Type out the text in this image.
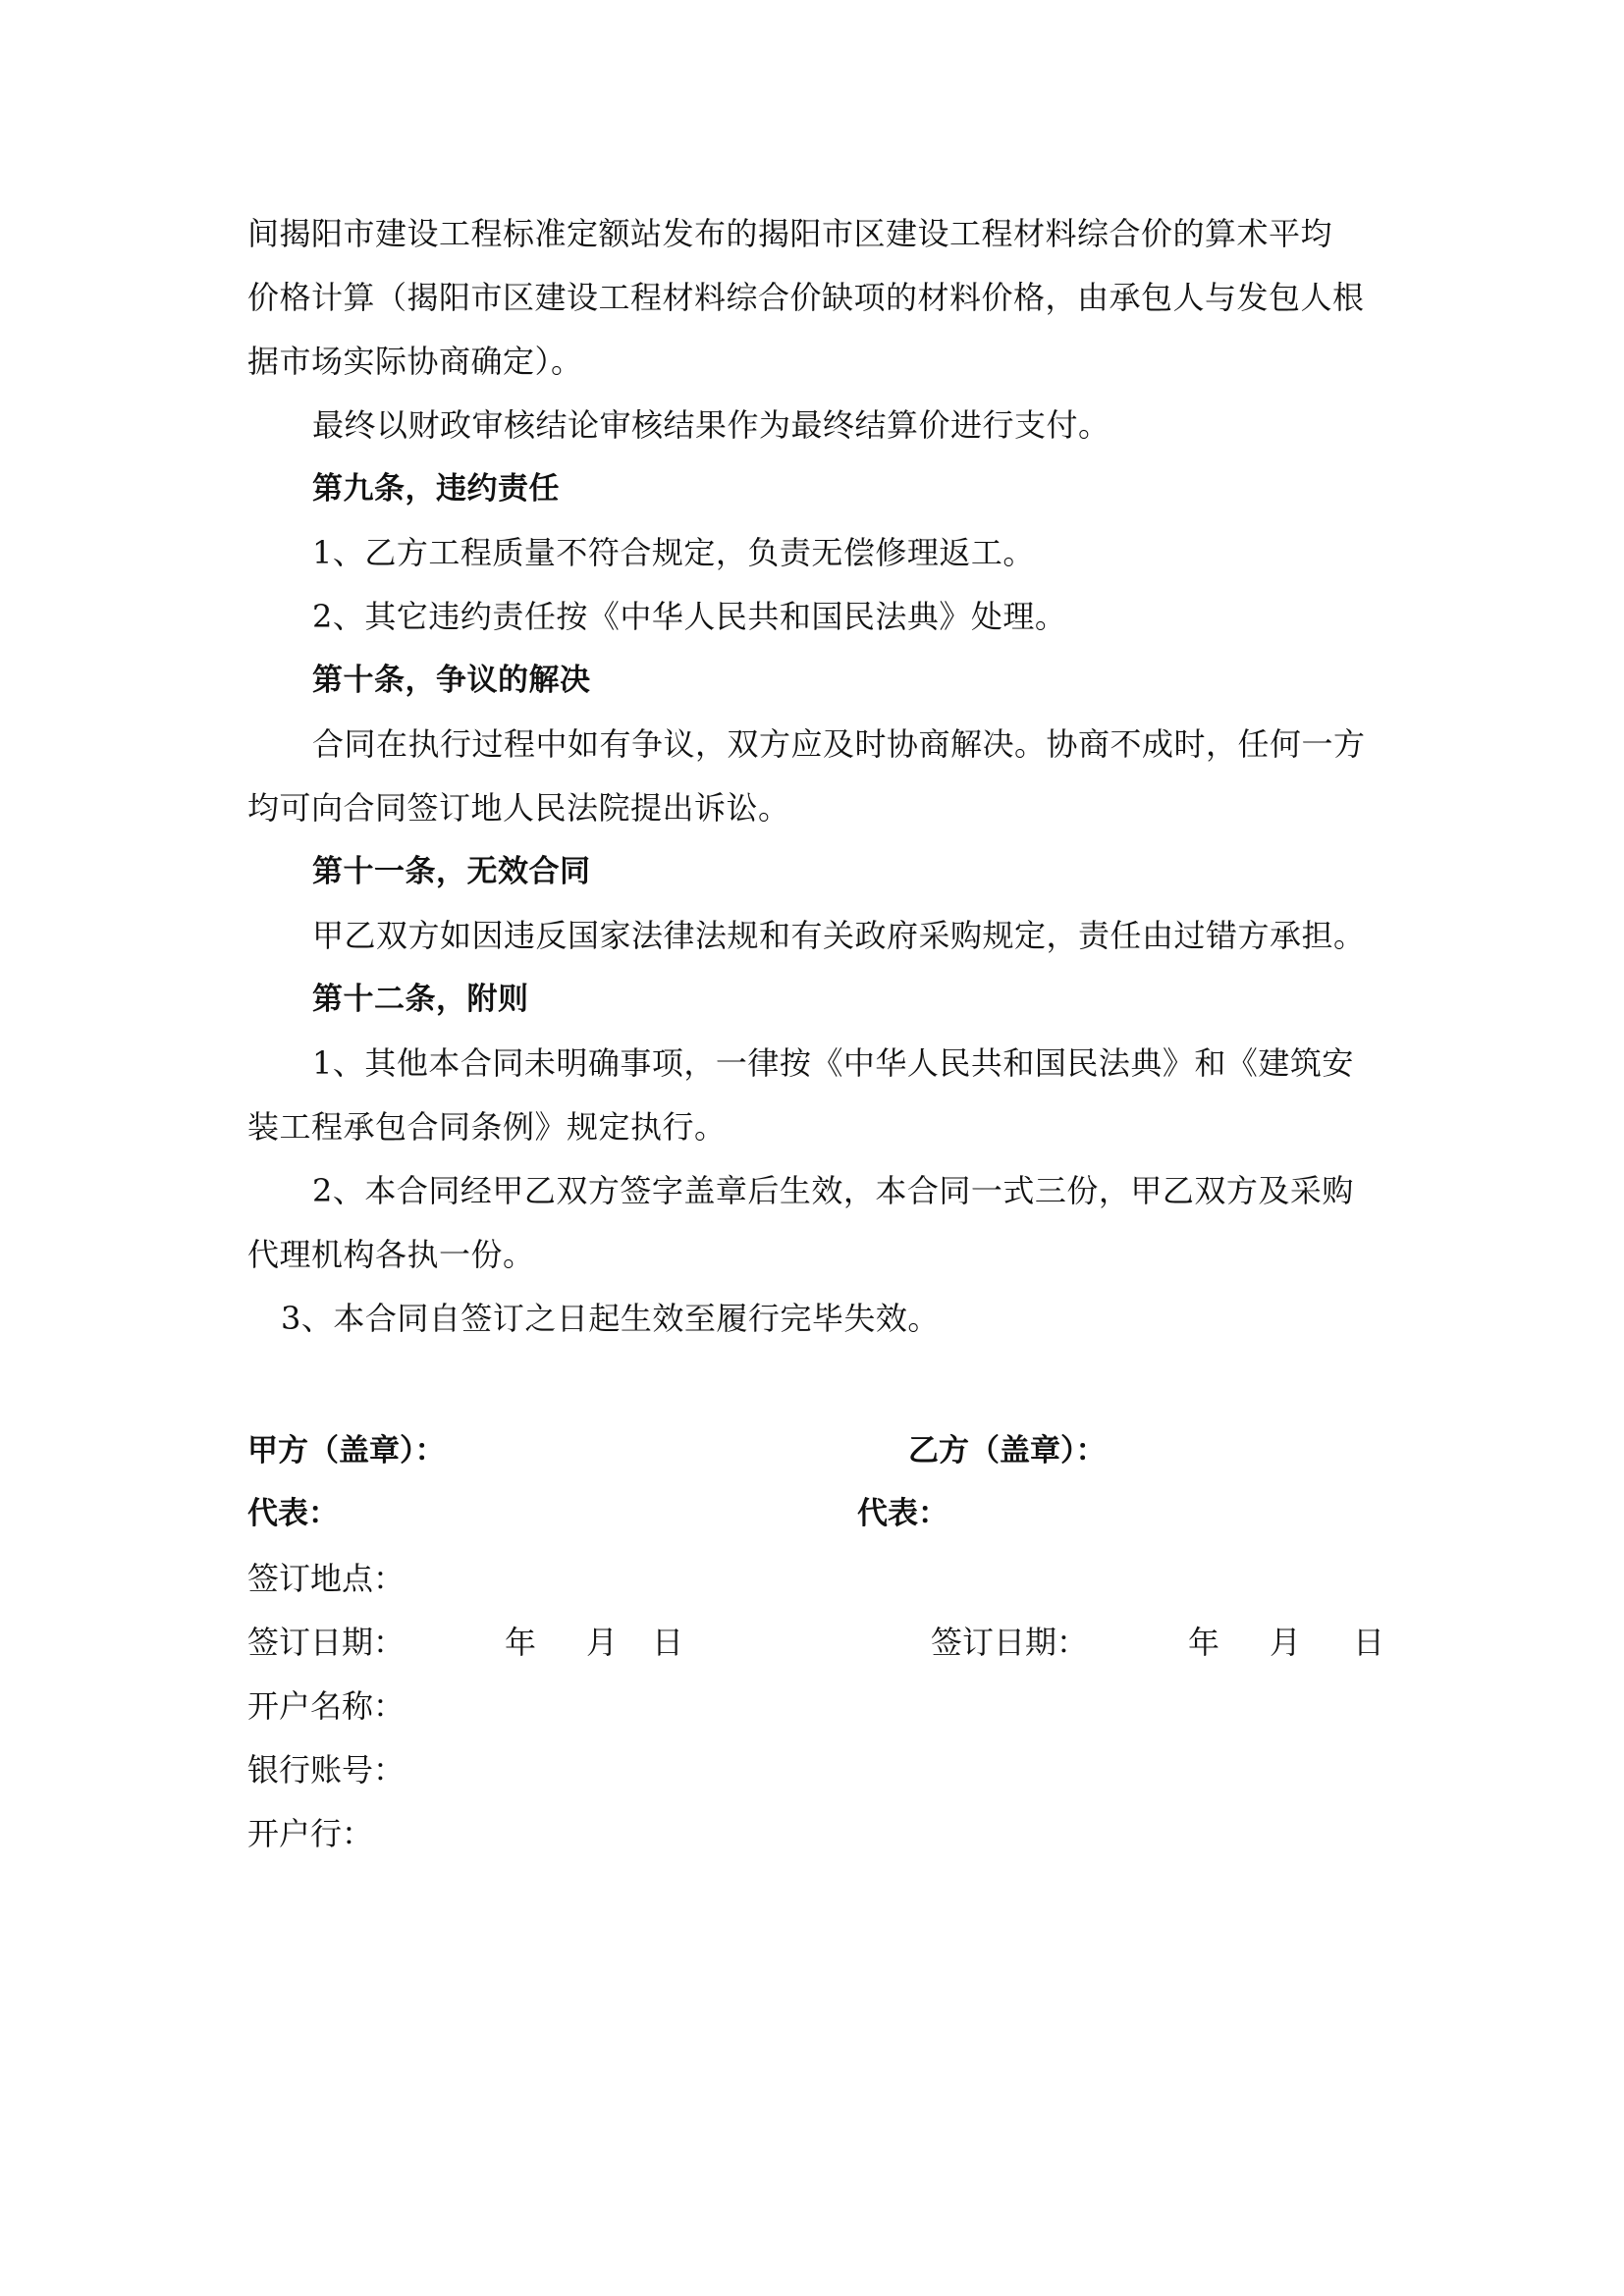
间揭阳市建设工程标准定额站发布的揭阳市区建设工程材料综合价的算术平均
价格计算（揭阳市区建设工程材料综合价缺项的材料价格，由承包人与发包人根
据市场实际协商确定）。
最终以财政审核结论审核结果作为最终结算价进行支付。
第九条，违约责任
1、乙方工程质量不符合规定，负责无偿修理返工。
2、其它违约责任按《中华人民共和国民法典》处理。
第十条，争议的解决
合同在执行过程中如有争议，双方应及时协商解决。协商不成时，任何一方
均可向合同签订地人民法院提出诉讼。
第十一条，无效合同
甲乙双方如因违反国家法律法规和有关政府采购规定，责任由过错方承担。
第十二条，附则
1、其他本合同未明确事项，一律按《中华人民共和国民法典》和《建筑安
装工程承包合同条例》规定执行。
2、本合同经甲乙双方签字盖章后生效，本合同一式三份，甲乙双方及采购
代理机构各执一份。
3、本合同自签订之日起生效至履行完毕失效。
甲方（盖章）：	乙方（盖章）：
代表：	代表：
签订地点：
签订日期：	年 月 日	签订日期：	年 月 日
开户名称：
银行账号：
开户行：
